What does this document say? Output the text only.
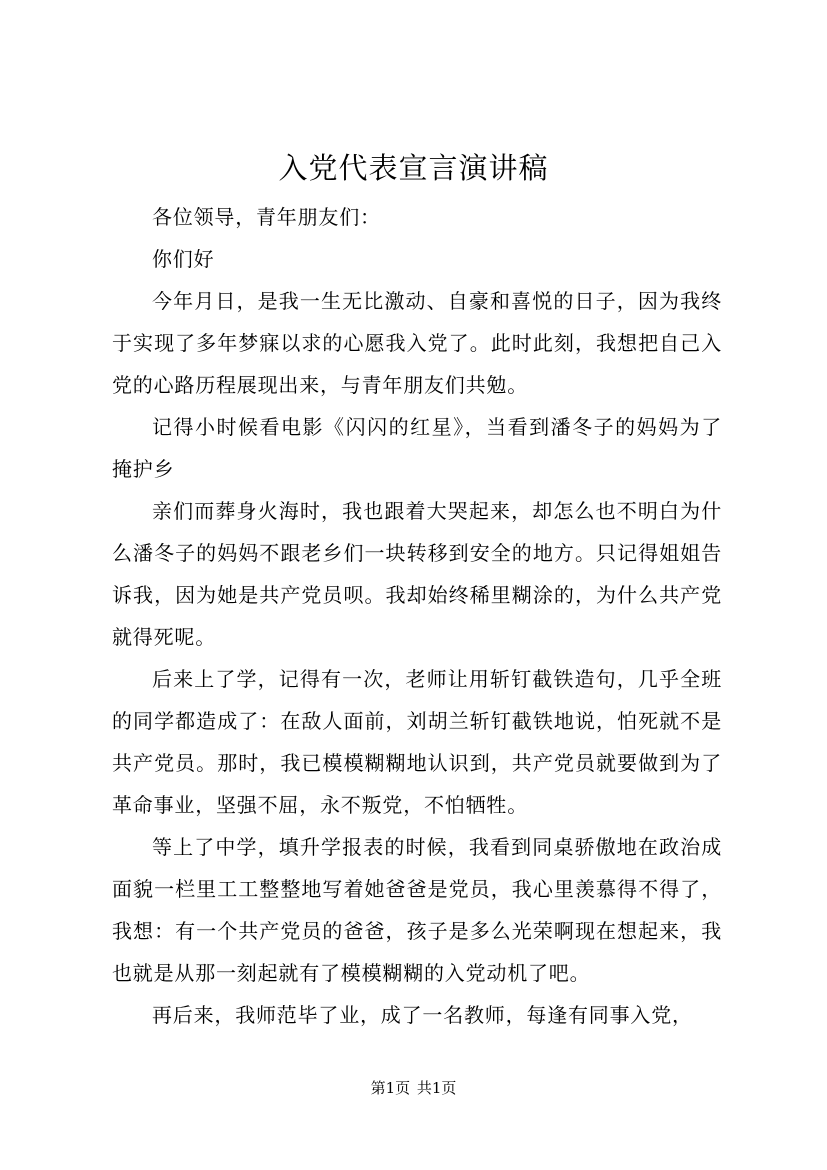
入党代表宣言演讲稿

各位领导，青年朋友们：

你们好

今年月日，是我一生无比激动、自豪和喜悦的日子，因为我终于实现了多年梦寐以求的心愿我入党了。此时此刻，我想把自己入党的心路历程展现出来，与青年朋友们共勉。

记得小时候看电影《闪闪的红星》，当看到潘冬子的妈妈为了掩护乡

亲们而葬身火海时，我也跟着大哭起来，却怎么也不明白为什么潘冬子的妈妈不跟老乡们一块转移到安全的地方。只记得姐姐告诉我，因为她是共产党员呗。我却始终稀里糊涂的，为什么共产党就得死呢。

后来上了学，记得有一次，老师让用斩钉截铁造句，几乎全班的同学都造成了：在敌人面前，刘胡兰斩钉截铁地说，怕死就不是共产党员。那时，我已模模糊糊地认识到，共产党员就要做到为了革命事业，坚强不屈，永不叛党，不怕牺牲。

等上了中学，填升学报表的时候，我看到同桌骄傲地在政治成面貌一栏里工工整整地写着她爸爸是党员，我心里羡慕得不得了，我想：有一个共产党员的爸爸，孩子是多么光荣啊现在想起来，我也就是从那一刻起就有了模模糊糊的入党动机了吧。

再后来，我师范毕了业，成了一名教师，每逢有同事入党，

第1页 共1页
